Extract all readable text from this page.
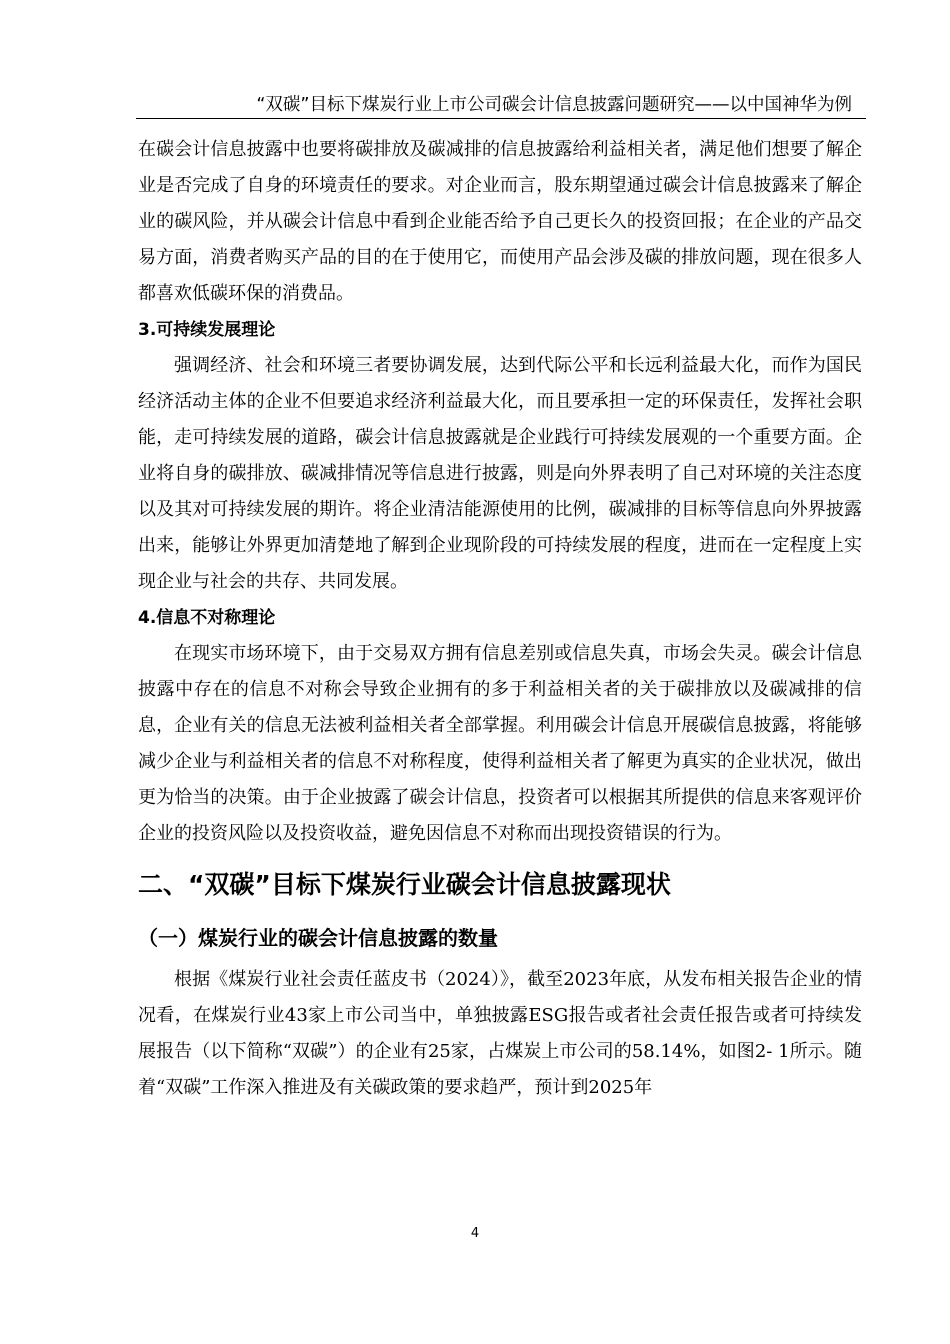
“双碳”目标下煤炭行业上市公司碳会计信息披露问题研究——以中国神华为例

在碳会计信息披露中也要将碳排放及碳减排的信息披露给利益相关者，满足他们想要了解企业是否完成了自身的环境责任的要求。对企业而言，股东期望通过碳会计信息披露来了解企业的碳风险，并从碳会计信息中看到企业能否给予自己更长久的投资回报；在企业的产品交易方面，消费者购买产品的目的在于使用它，而使用产品会涉及碳的排放问题，现在很多人都喜欢低碳环保的消费品。

3.可持续发展理论

强调经济、社会和环境三者要协调发展，达到代际公平和长远利益最大化，而作为国民经济活动主体的企业不但要追求经济利益最大化，而且要承担一定的环保责任，发挥社会职能，走可持续发展的道路，碳会计信息披露就是企业践行可持续发展观的一个重要方面。企业将自身的碳排放、碳减排情况等信息进行披露，则是向外界表明了自己对环境的关注态度以及其对可持续发展的期许。将企业清洁能源使用的比例，碳减排的目标等信息向外界披露出来，能够让外界更加清楚地了解到企业现阶段的可持续发展的程度，进而在一定程度上实现企业与社会的共存、共同发展。

4.信息不对称理论

在现实市场环境下，由于交易双方拥有信息差别或信息失真，市场会失灵。碳会计信息披露中存在的信息不对称会导致企业拥有的多于利益相关者的关于碳排放以及碳减排的信息，企业有关的信息无法被利益相关者全部掌握。利用碳会计信息开展碳信息披露，将能够减少企业与利益相关者的信息不对称程度，使得利益相关者了解更为真实的企业状况，做出更为恰当的决策。由于企业披露了碳会计信息，投资者可以根据其所提供的信息来客观评价企业的投资风险以及投资收益，避免因信息不对称而出现投资错误的行为。

二、“双碳”目标下煤炭行业碳会计信息披露现状
（一）煤炭行业的碳会计信息披露的数量

根据《煤炭行业社会责任蓝皮书（2024）》，截至2023年底，从发布相关报告企业的情况看，在煤炭行业43家上市公司当中，单独披露ESG报告或者社会责任报告或者可持续发展报告（以下简称“双碳”）的企业有25家，占煤炭上市公司的58.14%，如图2- 1所示。随着“双碳”工作深入推进及有关碳政策的要求趋严，预计到2025年

4
